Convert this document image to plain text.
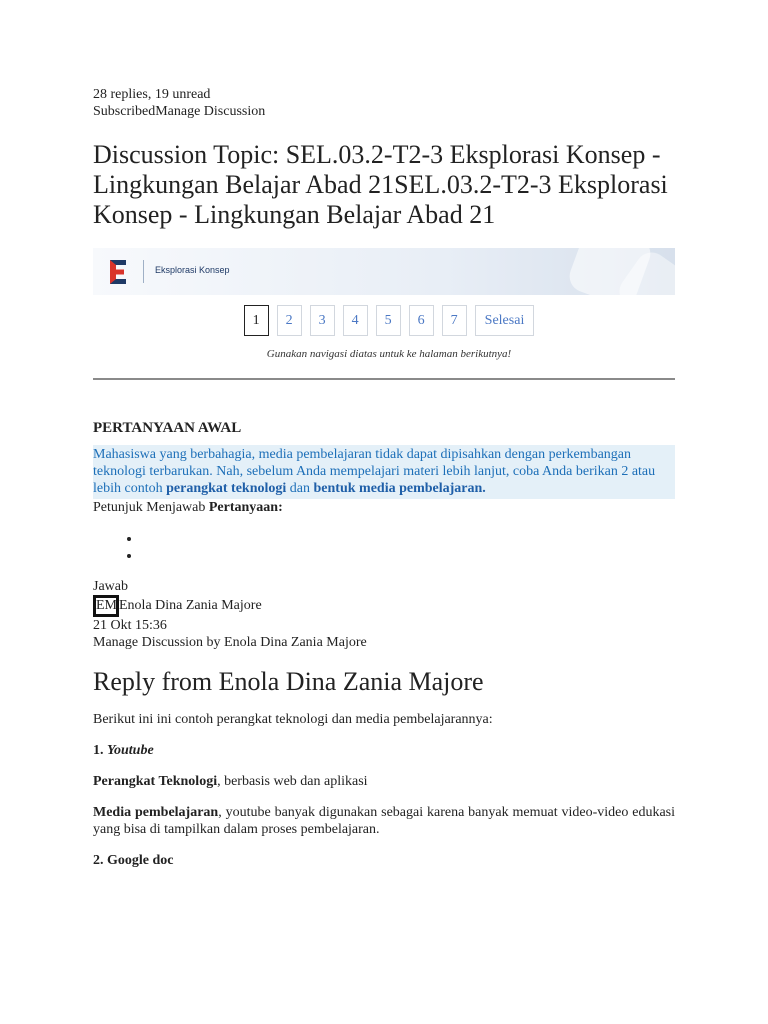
28 replies, 19 unread
SubscribedManage Discussion
Discussion Topic: SEL.03.2-T2-3 Eksplorasi Konsep - Lingkungan Belajar Abad 21SEL.03.2-T2-3 Eksplorasi Konsep - Lingkungan Belajar Abad 21
Eksplorasi Konsep
1	2	3	4	5	6	7	Selesai
Gunakan navigasi diatas untuk ke halaman berikutnya!
PERTANYAAN AWAL
Mahasiswa yang berbahagia, media pembelajaran tidak dapat dipisahkan dengan perkembangan teknologi terbarukan. Nah, sebelum Anda mempelajari materi lebih lanjut, coba Anda berikan 2 atau lebih contoh perangkat teknologi dan bentuk media pembelajaran.
Petunjuk Menjawab Pertanyaan:
•
•
Jawab
EM Enola Dina Zania Majore
21 Okt 15:36
Manage Discussion by Enola Dina Zania Majore
Reply from Enola Dina Zania Majore

Berikut ini ini contoh perangkat teknologi dan media pembelajarannya:

1. Youtube

Perangkat Teknologi, berbasis web dan aplikasi

Media pembelajaran, youtube banyak digunakan sebagai karena banyak memuat video-video edukasi yang bisa di tampilkan dalam proses pembelajaran.

2. Google doc
